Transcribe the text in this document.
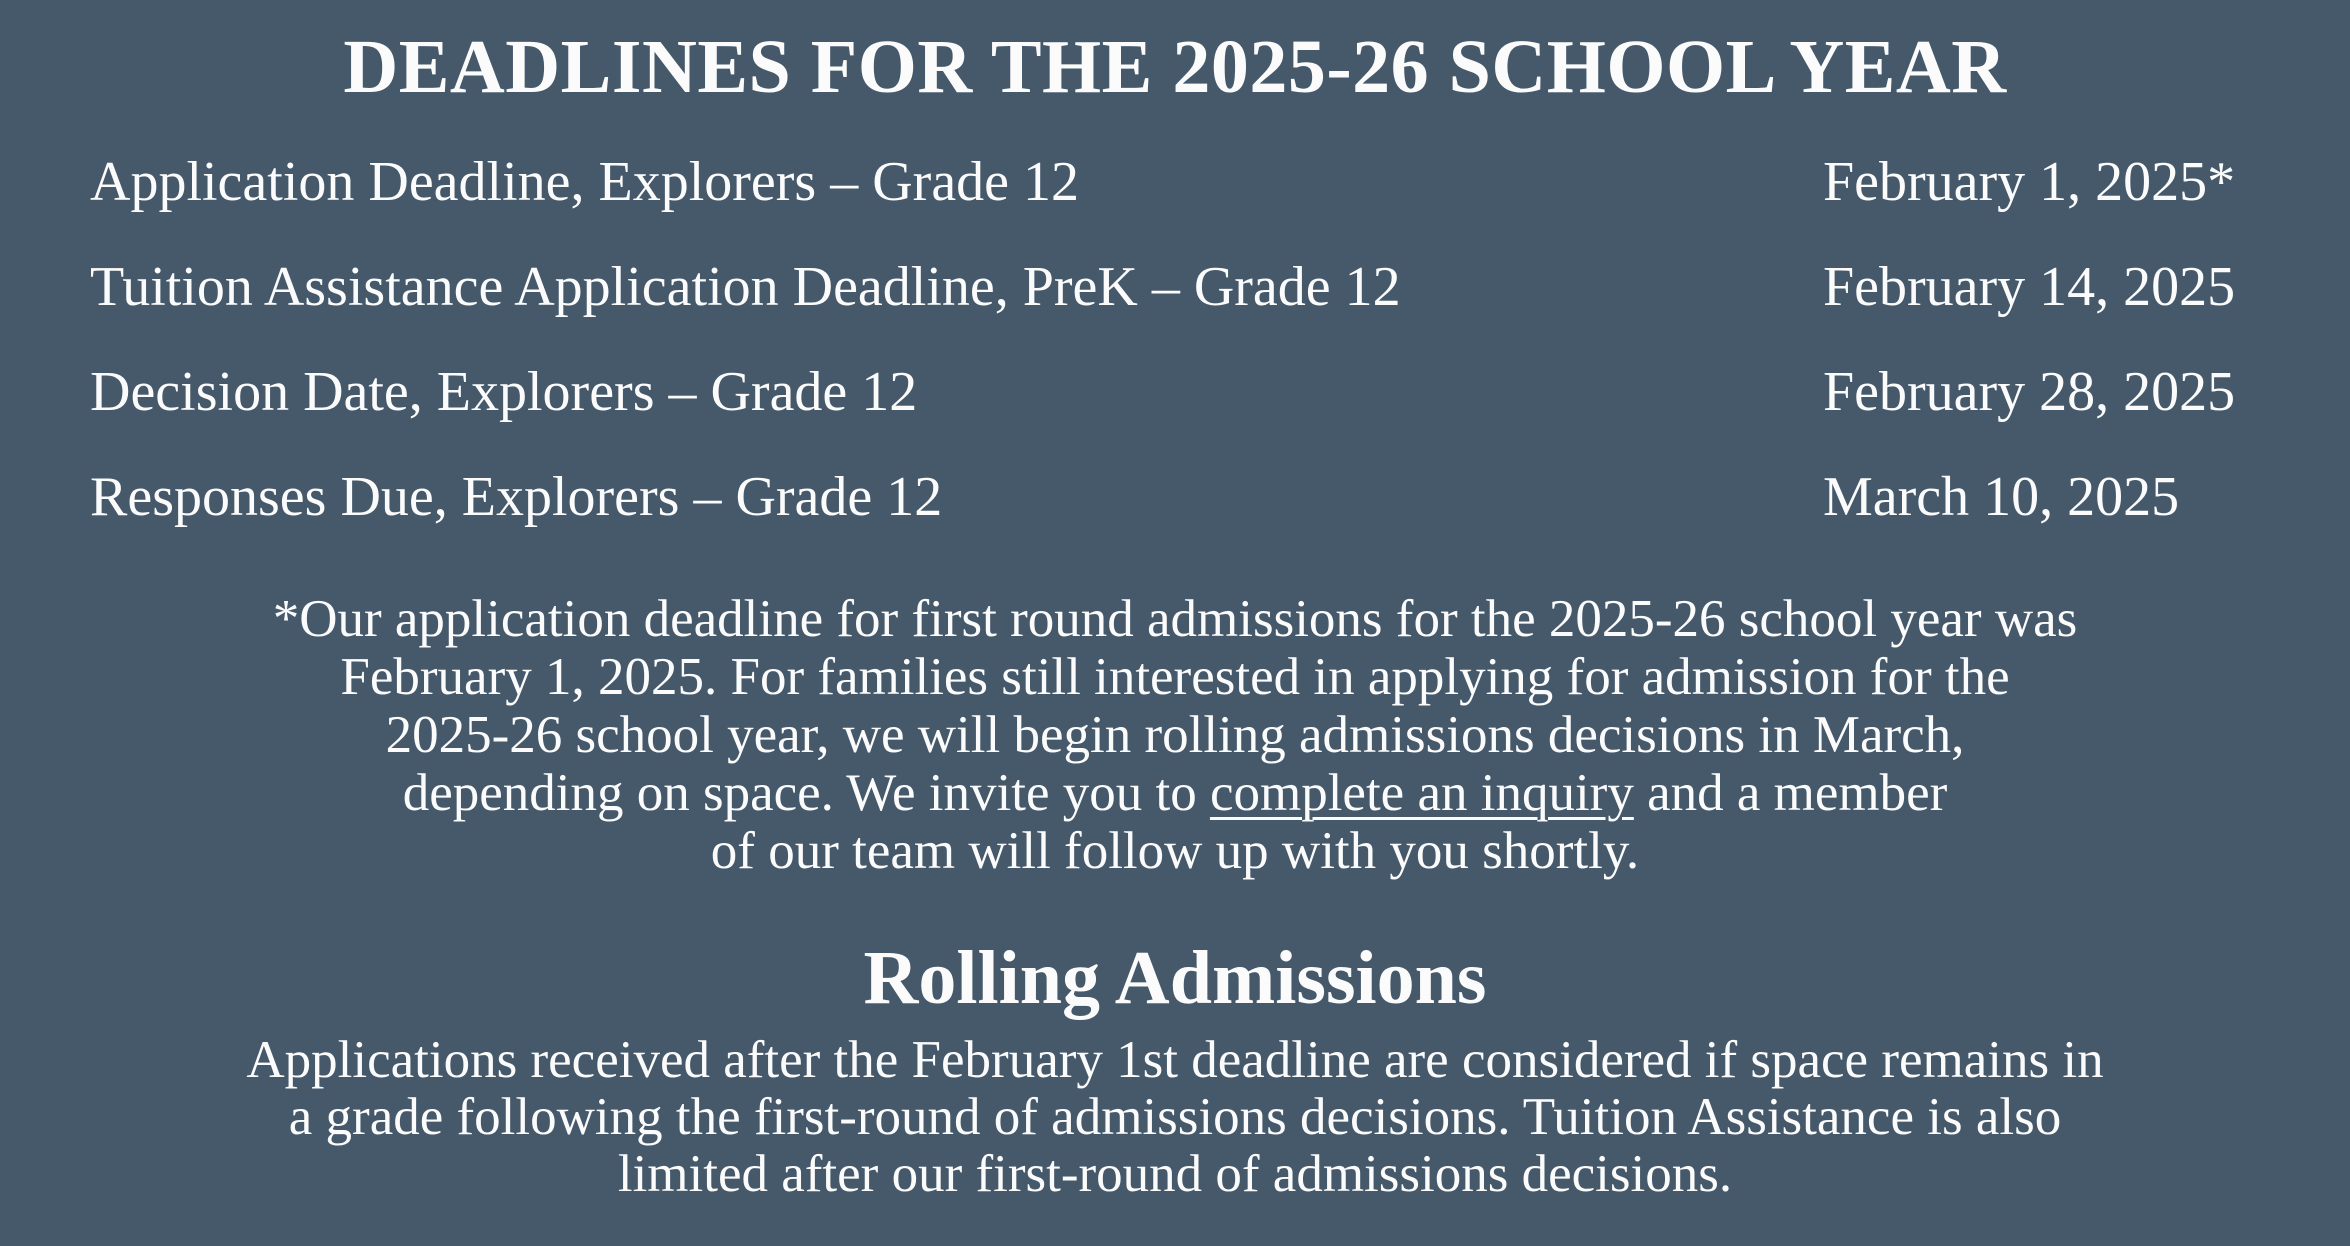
DEADLINES FOR THE 2025-26 SCHOOL YEAR
Application Deadline, Explorers – Grade 12	February 1, 2025*
Tuition Assistance Application Deadline, PreK – Grade 12	February 14, 2025
Decision Date, Explorers – Grade 12	February 28, 2025
Responses Due, Explorers – Grade 12	March 10, 2025

*Our application deadline for first round admissions for the 2025-26 school year was
February 1, 2025. For families still interested in applying for admission for the
2025-26 school year, we will begin rolling admissions decisions in March,
depending on space. We invite you to complete an inquiry and a member
of our team will follow up with you shortly.

Rolling Admissions

Applications received after the February 1st deadline are considered if space remains in
a grade following the first-round of admissions decisions. Tuition Assistance is also
limited after our first-round of admissions decisions.
